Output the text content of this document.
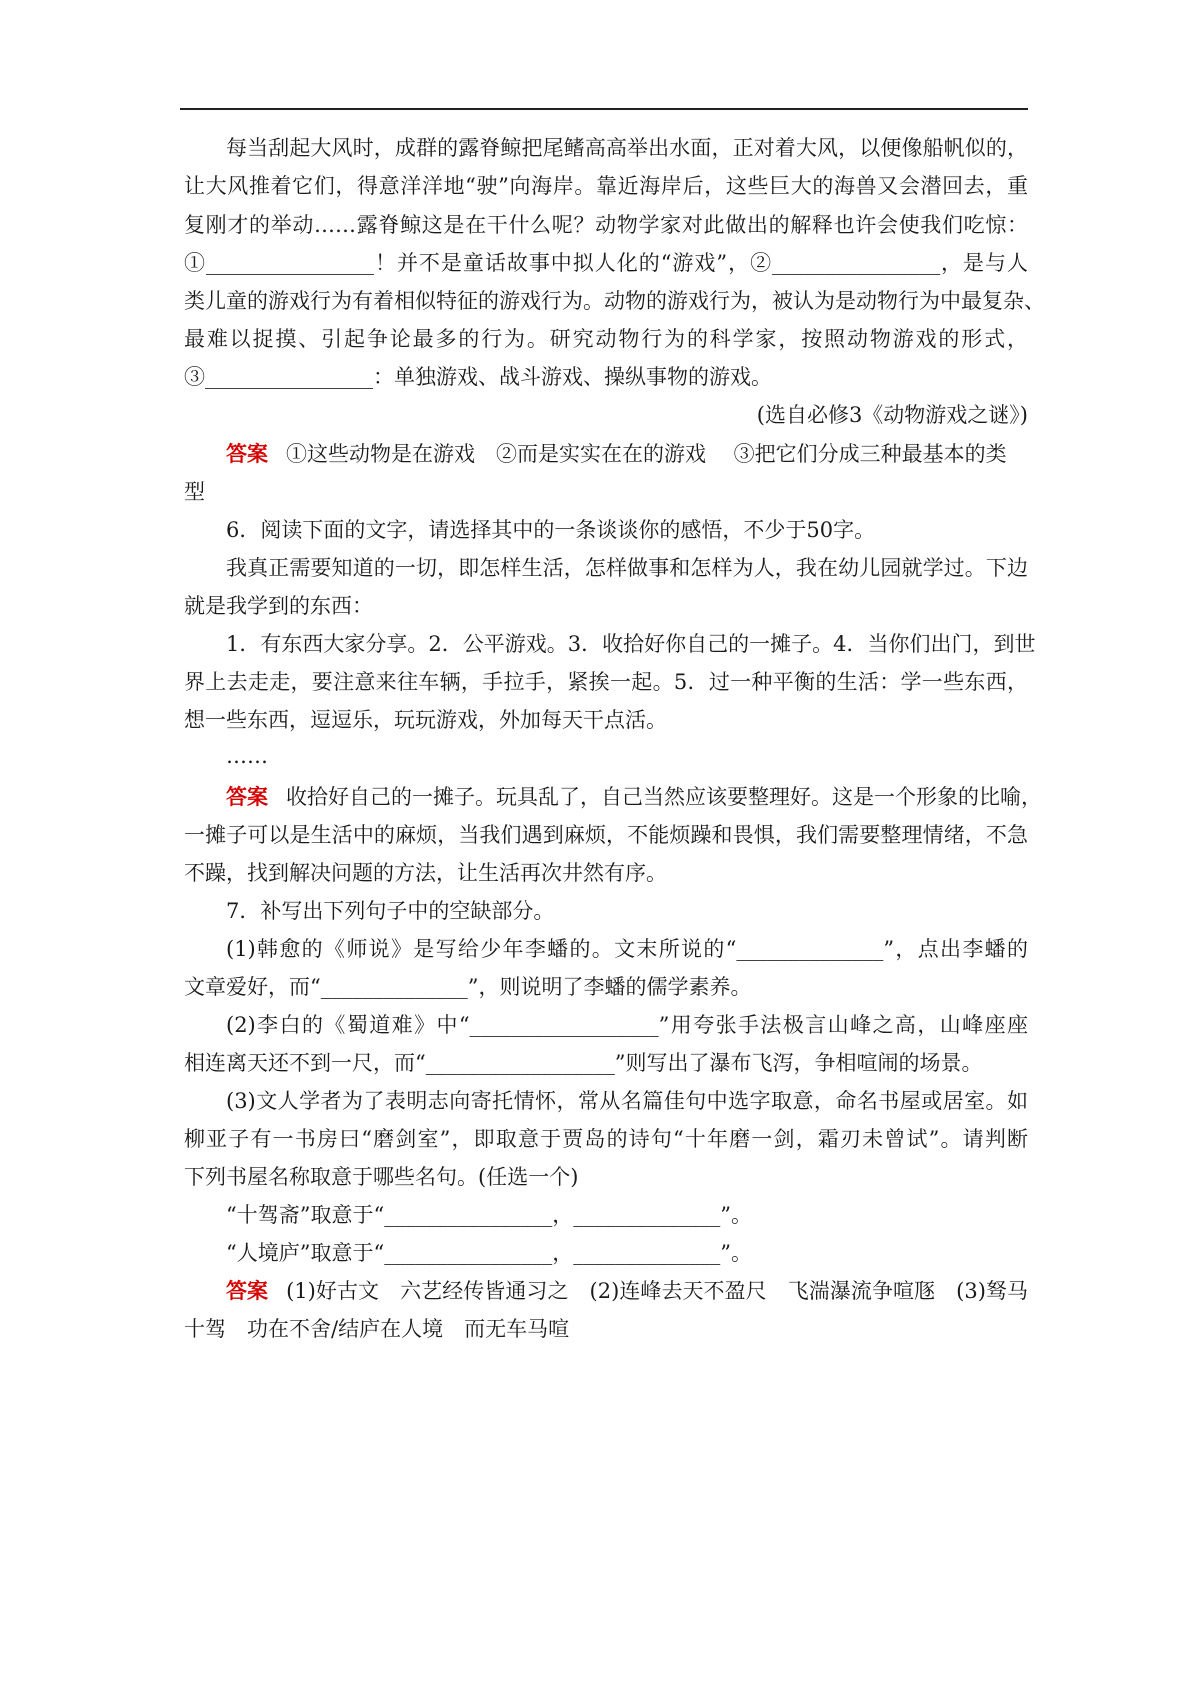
每当刮起大风时，成群的露脊鲸把尾鳍高高举出水面，正对着大风，以便像船帆似的，
让大风推着它们，得意洋洋地“驶”向海岸。靠近海岸后，这些巨大的海兽又会潜回去，重
复刚才的举动……露脊鲸这是在干什么呢？动物学家对此做出的解释也许会使我们吃惊：
①________________！并不是童话故事中拟人化的“游戏”，②________________，是与人
类儿童的游戏行为有着相似特征的游戏行为。动物的游戏行为，被认为是动物行为中最复杂、
最难以捉摸、引起争论最多的行为。研究动物行为的科学家，按照动物游戏的形式，
③________________：单独游戏、战斗游戏、操纵事物的游戏。
(选自必修3《动物游戏之谜》)
答案 ①这些动物是在游戏　②而是实实在在的游戏　 ③把它们分成三种最基本的类
型
6．阅读下面的文字，请选择其中的一条谈谈你的感悟，不少于50字。
我真正需要知道的一切，即怎样生活，怎样做事和怎样为人，我在幼儿园就学过。下边
就是我学到的东西：
1．有东西大家分享。2．公平游戏。3．收拾好你自己的一摊子。4．当你们出门，到世
界上去走走，要注意来往车辆，手拉手，紧挨一起。5．过一种平衡的生活：学一些东西，
想一些东西，逗逗乐，玩玩游戏，外加每天干点活。
……
答案 收拾好自己的一摊子。玩具乱了，自己当然应该要整理好。这是一个形象的比喻，
一摊子可以是生活中的麻烦，当我们遇到麻烦，不能烦躁和畏惧，我们需要整理情绪，不急
不躁，找到解决问题的方法，让生活再次井然有序。
7．补写出下列句子中的空缺部分。
(1)韩愈的《师说》是写给少年李蟠的。文末所说的“______________”，点出李蟠的
文章爱好，而“______________”，则说明了李蟠的儒学素养。
(2)李白的《蜀道难》中“__________________”用夸张手法极言山峰之高，山峰座座
相连离天还不到一尺，而“__________________”则写出了瀑布飞泻，争相喧闹的场景。
(3)文人学者为了表明志向寄托情怀，常从名篇佳句中选字取意，命名书屋或居室。如
柳亚子有一书房曰“磨剑室”，即取意于贾岛的诗句“十年磨一剑，霜刃未曾试”。请判断
下列书屋名称取意于哪些名句。(任选一个)
“十驾斋”取意于“________________，______________”。
“人境庐”取意于“________________，______________”。
答案 (1)好古文　六艺经传皆通习之　(2)连峰去天不盈尺　飞湍瀑流争喧豗　(3)驽马
十驾　功在不舍/结庐在人境　而无车马喧
